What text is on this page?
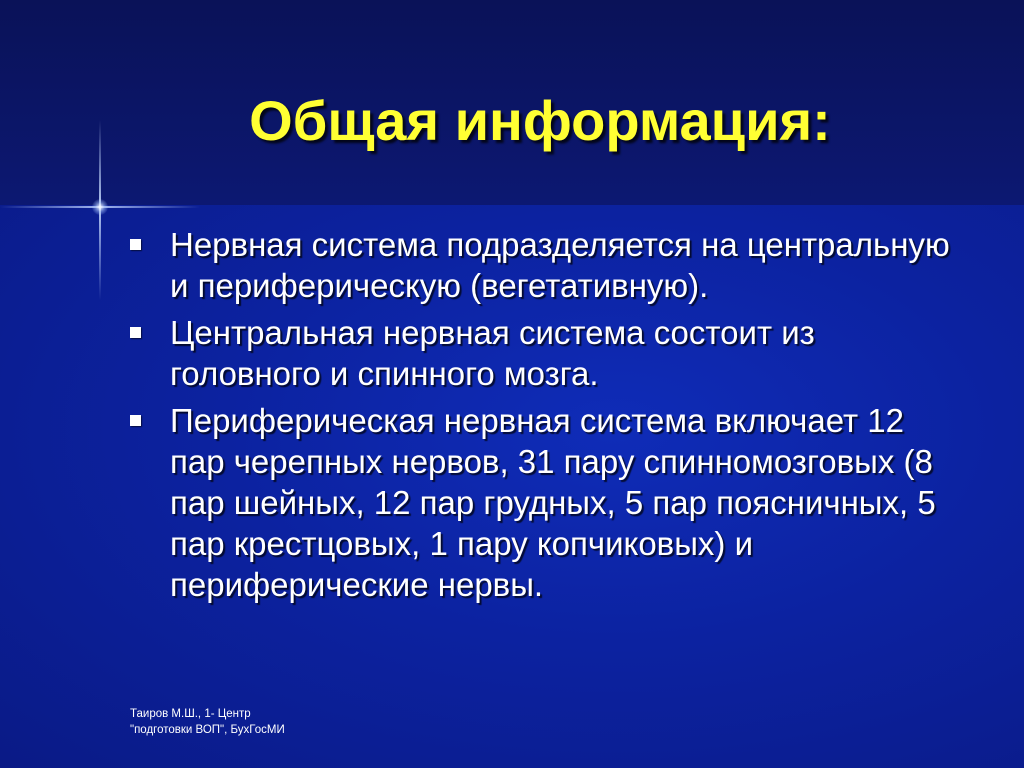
Общая информация:
Нервная система подразделяется на центральную и периферическую (вегетативную).
Центральная нервная система состоит из головного и спинного мозга.
Периферическая нервная система включает 12 пар черепных нервов, 31 пару спинномозговых (8 пар шейных, 12 пар грудных, 5 пар поясничных, 5 пар крестцовых, 1 пару копчиковых) и периферические нервы.
Таиров М.Ш., 1- Центр
"подготовки ВОП", БухГосМИ
